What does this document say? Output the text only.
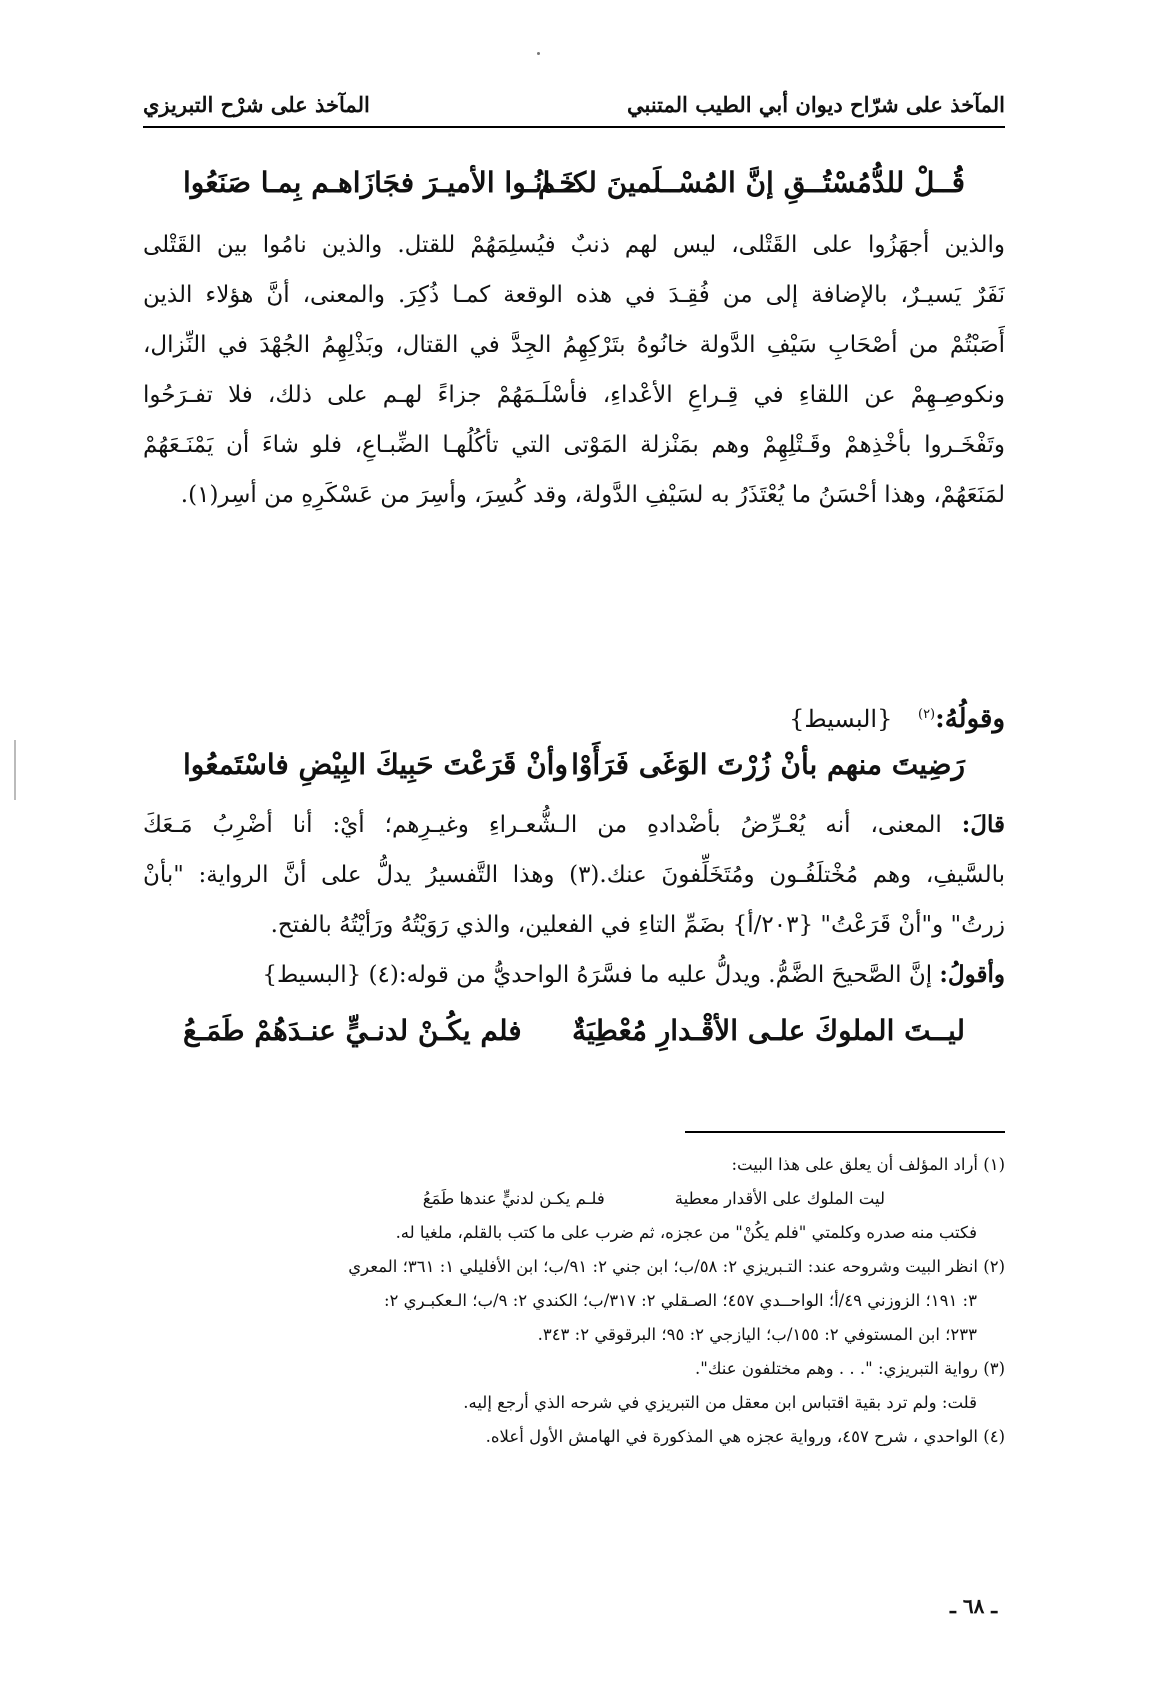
المآخذ على شرّاح ديوان أبي الطيب المتنبي
المآخذ على شرْح التبريزي
قُــلْ للدُّمُسْتُــقِ إنَّ المُسْــلَمينَ لكــم
خَـانُـوا الأميـرَ فجَازَاهـم بِمـا صَنَعُوا
والذين أجهَزُوا على القَتْلى، ليس لهم ذنبٌ فيُسلِمَهُمْ للقتل. والذين نامُوا بين القَتْلى
نَفَرٌ يَسيـرٌ، بالإضافة إلى من فُقِـدَ في هذه الوقعة كمـا ذُكِرَ. والمعنى، أنَّ هؤلاء الذين
أَصَبْتُمْ من أصْحَابِ سَيْفِ الدَّولة خانُوهُ بتَرْكِهِمُ الجِدَّ في القتال، وبَذْلِهِمُ الجُهْدَ في النِّزال،
ونكوصِـهِمْ عن اللقاءِ في قِـراعِ الأعْداءِ، فأسْلَـمَهُمْ جزاءً لهـم على ذلك، فلا تفـرَحُوا
وتَفْخَـروا بأخْذِهمْ وقَـتْلِهِمْ وهم بمَنْزلة المَوْتى التي تأكُلُهـا الضِّبـاعِ، فلو شاءَ أن يَمْنَـعَهُمْ
لمَنَعَهُمْ، وهذا أحْسَنُ ما يُعْتَذَرُ به لسَيْفِ الدَّولة، وقد كُسِرَ، وأسِرَ من عَسْكَرِهِ من أسِر(١).
وقولُهُ:$^{(٢)}$ {البسيط}
رَضِيتَ منهم بأنْ زُرْتَ الوَغَى فَرَأَوْا
وأنْ قَرَعْتَ حَبِيكَ البِيْضِ فاسْتَمعُوا
قالَ: المعنى، أنه يُعْـرِّضُ بأضْدادهِ من الـشُّعـراءِ وغيـرِهم؛ أيْ: أنا أضْرِبُ مَـعَكَ
بالسَّيفِ، وهم مُخْتلَفُـون ومُتَخَلِّفونَ عنك.(٣) وهذا التَّفسيرُ يدلُّ على أنَّ الرواية: "بأنْ
زرتُ" و"أنْ قَرَعْتُ" {٢٠٣/أ} بضَمِّ التاءِ في الفعلين، والذي رَوَيْتُهُ ورَأيْتُهُ بالفتح.
وأقولُ: إنَّ الصَّحيحَ الضَّمُّ. ويدلُّ عليه ما فسَّرَهُ الواحديُّ من قوله:(٤) {البسيط}
ليــتَ الملوكَ علـى الأقْـدارِ مُعْطِيَةٌ
فلم يكُـنْ لدنـيٍّ عنـدَهُمْ طَمَـعُ
(١) أراد المؤلف أن يعلق على هذا البيت:
ليت الملوك على الأقدار معطيةفلـم يكـن لدنيٍّ عندها طَمَعُ
فكتب منه صدره وكلمتي "فلم يكُنْ" من عجزه، ثم ضرب على ما كتب بالقلم، ملغيا له.
(٢) انظر البيت وشروحه عند: التـبريزي ٢: ٥٨/ب؛ ابن جني ٢: ٩١/ب؛ ابن الأفليلي ١: ٣٦١؛ المعري
٣: ١٩١؛ الزوزني ٤٩/أ؛ الواحــدي ٤٥٧؛ الصـقلي ٢: ٣١٧/ب؛ الكندي ٢: ٩/ب؛ الـعكبـري ٢:
٢٣٣؛ ابن المستوفي ٢: ١٥٥/ب؛ اليازجي ٢: ٩٥؛ البرقوقي ٢: ٣٤٣.
(٣) رواية التبريزي: ". . . وهم مختلفون عنك".
قلت: ولم ترد بقية اقتباس ابن معقل من التبريزي في شرحه الذي أرجع إليه.
(٤) الواحدي ، شرح ٤٥٧، ورواية عجزه هي المذكورة في الهامش الأول أعلاه.
ـ ٦٨ ـ
